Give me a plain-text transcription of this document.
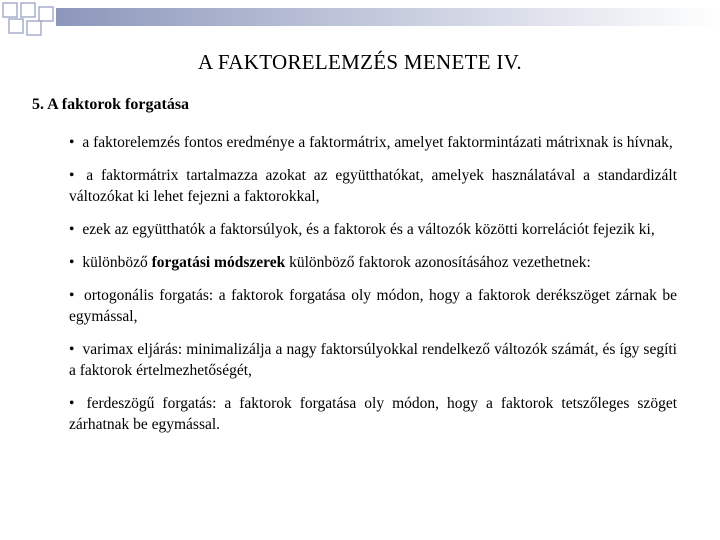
A FAKTORELEMZÉS MENETE IV.
5. A faktorok forgatása
• a faktorelemzés fontos eredménye a faktormátrix, amelyet faktormintázati mátrixnak is hívnak,
• a faktormátrix tartalmazza azokat az együtthatókat, amelyek használatával a standardizált változókat ki lehet fejezni a faktorokkal,
• ezek az együtthatók a faktorsúlyok, és a faktorok és a változók közötti korrelációt fejezik ki,
• különböző forgatási módszerek különböző faktorok azonosításához vezethetnek:
• ortogonális forgatás: a faktorok forgatása oly módon, hogy a faktorok derékszöget zárnak be egymással,
• varimax eljárás: minimalizálja a nagy faktorsúlyokkal rendelkező változók számát, és így segíti a faktorok értelmezhetőségét,
• ferdeszögű forgatás: a faktorok forgatása oly módon, hogy a faktorok tetszőleges szöget zárhatnak be egymással.
